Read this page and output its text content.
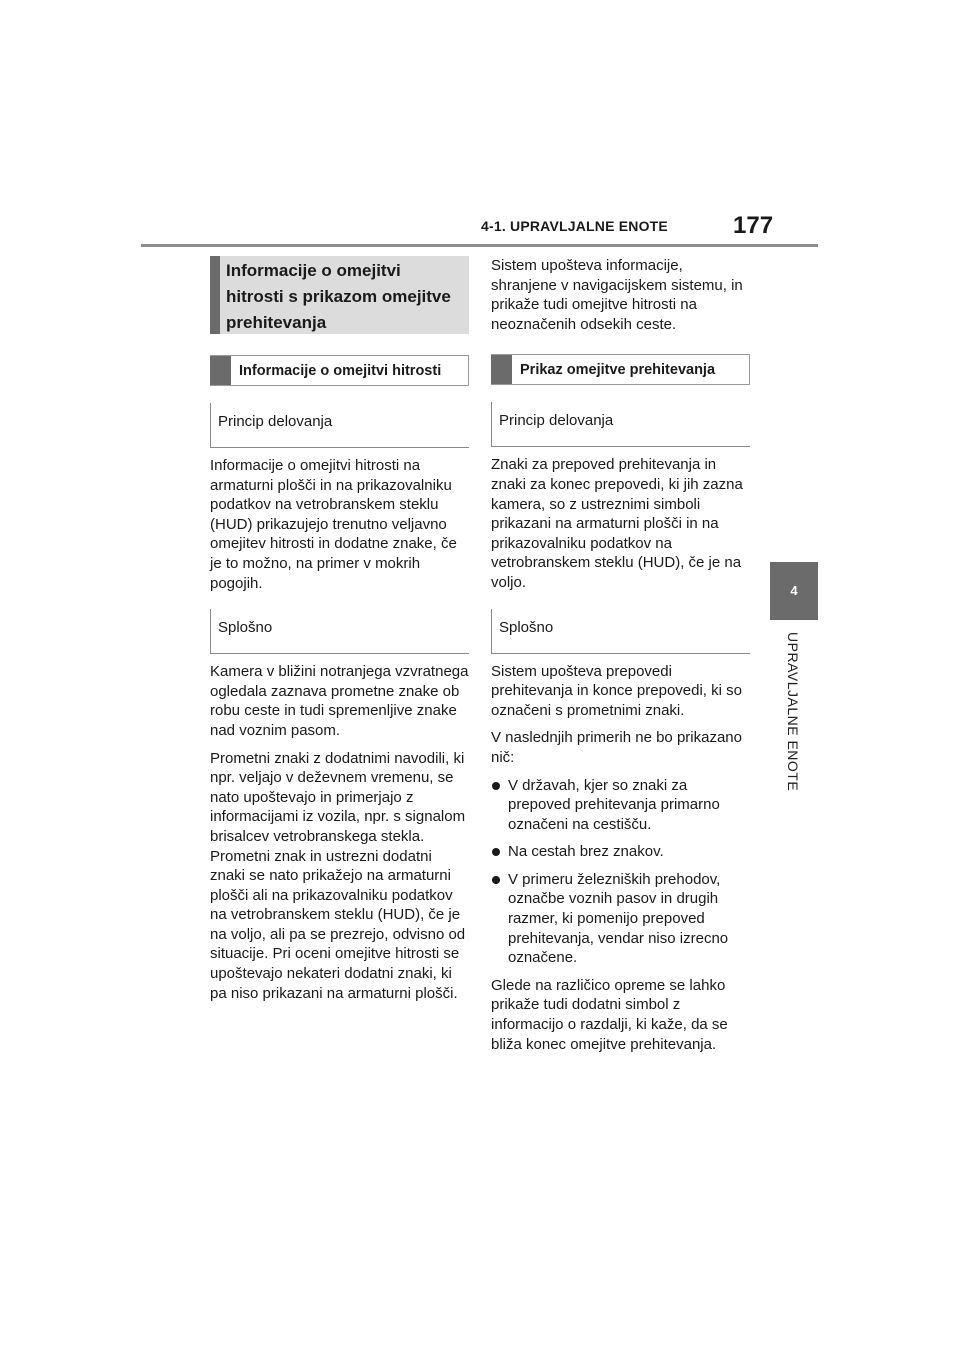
4-1. UPRAVLJALNE ENOTE	177
4
UPRAVLJALNE ENOTE
Informacije o omejitvi hitrosti s prikazom omejitve prehitevanja
Informacije o omejitvi hitrosti
Princip delovanja

Informacije o omejitvi hitrosti na armaturni plošči in na prikazovalniku podatkov na vetrobranskem steklu (HUD) prikazujejo trenutno veljavno omejitev hitrosti in dodatne znake, če je to možno, na primer v mokrih pogojih.

Splošno

Kamera v bližini notranjega vzvratnega ogledala zaznava prometne znake ob robu ceste in tudi spremenljive znake nad voznim pasom.

Prometni znaki z dodatnimi navodili, ki npr. veljajo v deževnem vremenu, se nato upoštevajo in primerjajo z informacijami iz vozila, npr. s signalom brisalcev vetrobranskega stekla. Prometni znak in ustrezni dodatni znaki se nato prikažejo na armaturni plošči ali na prikazovalniku podatkov na vetrobranskem steklu (HUD), če je na voljo, ali pa se prezrejo, odvisno od situacije. Pri oceni omejitve hitrosti se upoštevajo nekateri dodatni znaki, ki pa niso prikazani na armaturni plošči.

Sistem upošteva informacije, shranjene v navigacijskem sistemu, in prikaže tudi omejitve hitrosti na neoznačenih odsekih ceste.

Prikaz omejitve prehitevanja
Princip delovanja

Znaki za prepoved prehitevanja in znaki za konec prepovedi, ki jih zazna kamera, so z ustreznimi simboli prikazani na armaturni plošči in na prikazovalniku podatkov na vetrobranskem steklu (HUD), če je na voljo.

Splošno

Sistem upošteva prepovedi prehitevanja in konce prepovedi, ki so označeni s prometnimi znaki.

V naslednjih primerih ne bo prikazano nič:

V državah, kjer so znaki za prepoved prehitevanja primarno označeni na cestišču.
Na cestah brez znakov.
V primeru železniških prehodov, označbe voznih pasov in drugih razmer, ki pomenijo prepoved prehitevanja, vendar niso izrecno označene.

Glede na različico opreme se lahko prikaže tudi dodatni simbol z informacijo o razdalji, ki kaže, da se bliža konec omejitve prehitevanja.
